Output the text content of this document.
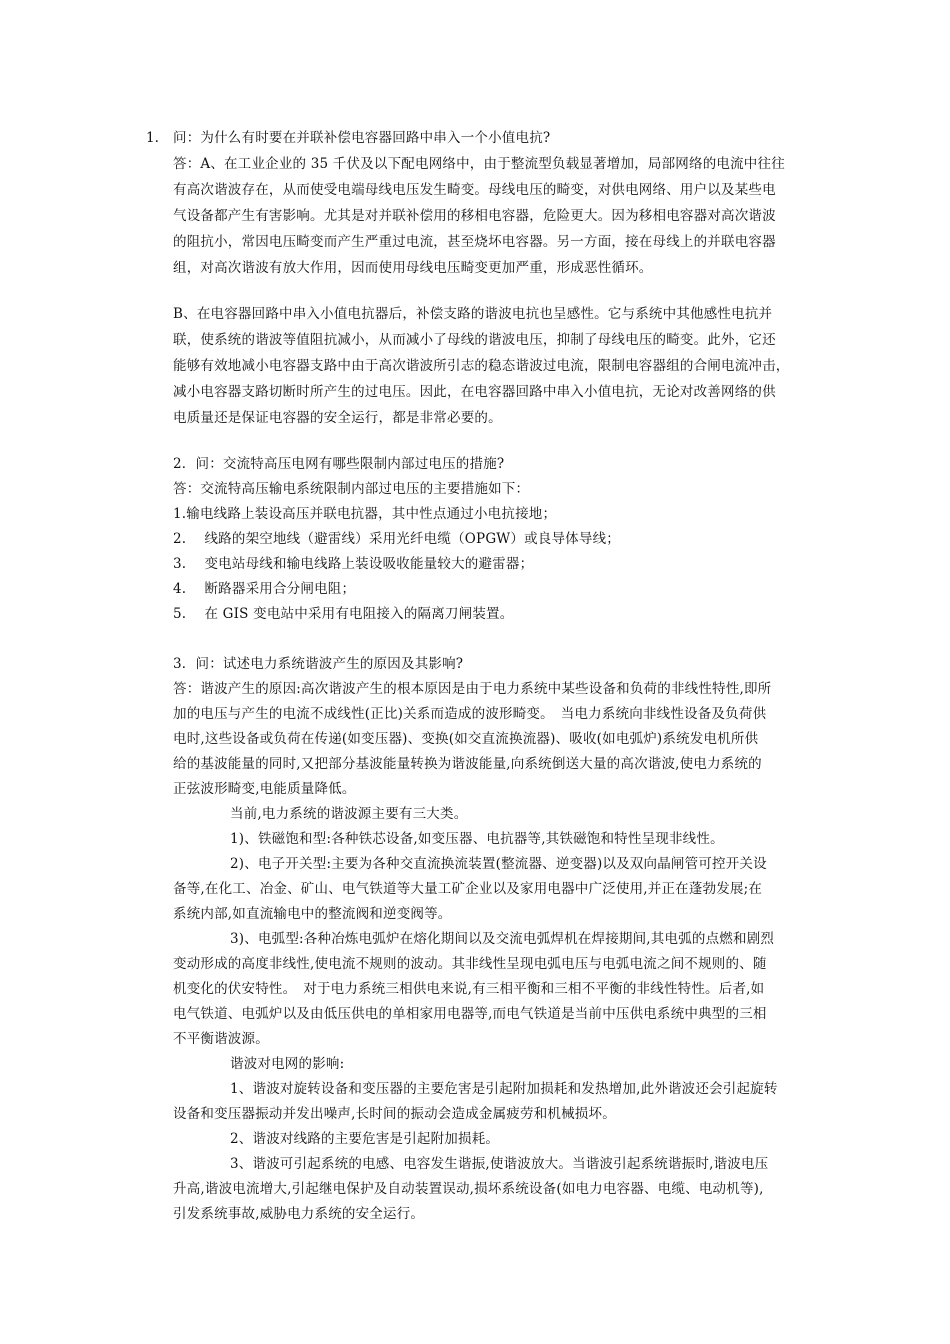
1. 问：为什么有时要在并联补偿电容器回路中串入一个小值电抗?
答：A、在工业企业的 35 千伏及以下配电网络中，由于整流型负载显著增加，局部网络的电流中往往
有高次谐波存在，从而使受电端母线电压发生畸变。母线电压的畸变，对供电网络、用户以及某些电
气设备都产生有害影响。尤其是对并联补偿用的移相电容器，危险更大。因为移相电容器对高次谐波
的阻抗小，常因电压畸变而产生严重过电流，甚至烧坏电容器。另一方面，接在母线上的并联电容器
组，对高次谐波有放大作用，因而使用母线电压畸变更加严重，形成恶性循环。
B、在电容器回路中串入小值电抗器后，补偿支路的谐波电抗也呈感性。它与系统中其他感性电抗并
联，使系统的谐波等值阻抗减小，从而减小了母线的谐波电压，抑制了母线电压的畸变。此外，它还
能够有效地减小电容器支路中由于高次谐波所引志的稳态谐波过电流，限制电容器组的合闸电流冲击，
减小电容器支路切断时所产生的过电压。因此，在电容器回路中串入小值电抗，无论对改善网络的供
电质量还是保证电容器的安全运行，都是非常必要的。
2．问：交流特高压电网有哪些限制内部过电压的措施?
答：交流特高压输电系统限制内部过电压的主要措施如下：
1.输电线路上装设高压并联电抗器，其中性点通过小电抗接地；
2.　 线路的架空地线（避雷线）采用光纤电缆（OPGW）或良导体导线；
3.　 变电站母线和输电线路上装设吸收能量较大的避雷器；
4.　 断路器采用合分闸电阻；
5.　 在 GIS 变电站中采用有电阻接入的隔离刀闸装置。
3．问：试述电力系统谐波产生的原因及其影响?
答：谐波产生的原因:高次谐波产生的根本原因是由于电力系统中某些设备和负荷的非线性特性,即所
加的电压与产生的电流不成线性(正比)关系而造成的波形畸变。　当电力系统向非线性设备及负荷供
电时,这些设备或负荷在传递(如变压器)、变换(如交直流换流器)、吸收(如电弧炉)系统发电机所供
给的基波能量的同时,又把部分基波能量转换为谐波能量,向系统倒送大量的高次谐波,使电力系统的
正弦波形畸变,电能质量降低。
当前,电力系统的谐波源主要有三大类。
1)、铁磁饱和型:各种铁芯设备,如变压器、电抗器等,其铁磁饱和特性呈现非线性。
2)、电子开关型:主要为各种交直流换流装置(整流器、逆变器)以及双向晶闸管可控开关设
备等,在化工、冶金、矿山、电气铁道等大量工矿企业以及家用电器中广泛使用,并正在蓬勃发展;在
系统内部,如直流输电中的整流阀和逆变阀等。
3)、电弧型:各种冶炼电弧炉在熔化期间以及交流电弧焊机在焊接期间,其电弧的点燃和剧烈
变动形成的高度非线性,使电流不规则的波动。其非线性呈现电弧电压与电弧电流之间不规则的、随
机变化的伏安特性。　对于电力系统三相供电来说,有三相平衡和三相不平衡的非线性特性。后者,如
电气铁道、电弧炉以及由低压供电的单相家用电器等,而电气铁道是当前中压供电系统中典型的三相
不平衡谐波源。
谐波对电网的影响:
1、谐波对旋转设备和变压器的主要危害是引起附加损耗和发热增加,此外谐波还会引起旋转
设备和变压器振动并发出噪声,长时间的振动会造成金属疲劳和机械损坏。
2、谐波对线路的主要危害是引起附加损耗。
3、谐波可引起系统的电感、电容发生谐振,使谐波放大。当谐波引起系统谐振时,谐波电压
升高,谐波电流增大,引起继电保护及自动装置误动,损坏系统设备(如电力电容器、电缆、电动机等),
引发系统事故,威胁电力系统的安全运行。
